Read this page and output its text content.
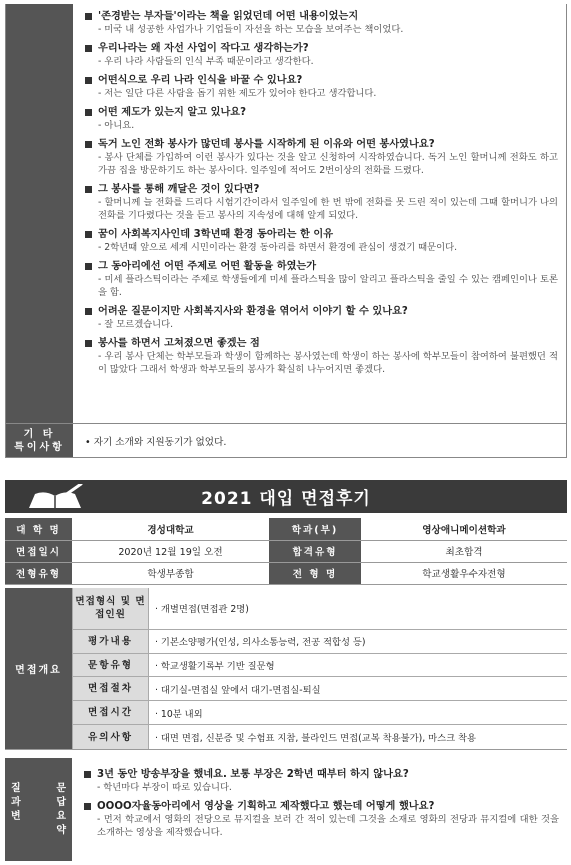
'존경받는 부자들'이라는 책을 읽었던데 어떤 내용이었는지
- 미국 내 성공한 사업가나 기업들이 자선을 하는 모습을 보여주는 책이었다.
우리나라는 왜 자선 사업이 작다고 생각하는가?
- 우리 나라 사람들의 인식 부족 때문이라고 생각한다.
어떤식으로 우리 나라 인식을 바꿀 수 있나요?
- 저는 일단 다른 사람을 돕기 위한 제도가 있어야 한다고 생각합니다.
어떤 제도가 있는지 알고 있나요?
- 아니요.
독거 노인 전화 봉사가 많던데 봉사를 시작하게 된 이유와 어떤 봉사였나요?
- 봉사 단체를 가입하여 이런 봉사가 있다는 것을 알고 신청하여 시작하였습니다. 독거 노인 할머니께 전화도 하고 가끔 집을 방문하기도 하는 봉사이다. 일주일에 적어도 2번이상의 전화를 드렸다.
그 봉사를 통해 깨달은 것이 있다면?
- 할머니께 늘 전화를 드리다 시험기간이라서 일주일에 한 번 밖에 전화를 못 드린 적이 있는데 그때 할머니가 나의 전화를 기다렸다는 것을 듣고 봉사의 지속성에 대해 알게 되었다.
꿈이 사회복지사인데 3학년때 환경 동아리는 한 이유
- 2학년때 앞으로 세계 시민이라는 환경 동아리를 하면서 환경에 관심이 생겼기 때문이다.
그 동아리에선 어떤 주제로 어떤 활동을 하였는가
- 미세 플라스틱이라는 주제로 학생들에게 미세 플라스틱을 많이 알리고 플라스틱을 줄일 수 있는 캠페인이나 토론을 함.
어려운 질문이지만 사회복지사와 환경을 엮어서 이야기 할 수 있나요?
- 잘 모르겠습니다.
봉사를 하면서 고쳐졌으면 좋겠는 점
- 우리 봉사 단체는 학부모들과 학생이 함께하는 봉사였는데 학생이 하는 봉사에 학부모들이 참여하여 불편했던 적이 많았다 그래서 학생과 학부모들의 봉사가 확실히 나누어지면 좋겠다.
기 타
특이사항	• 자기 소개와 지원동기가 없었다.
2021 대입 면접후기
대 학 명	경성대학교	학과(부)	영상애니메이션학과
면접일시	2020년 12월 19일 오전	합격유형	최초합격
전형유형	학생부종합	전 형 명	학교생활우수자전형
면접개요
면접형식 및 면접인원	· 개별면접(면접관 2명)
평가내용	· 기본소양평가(인성, 의사소통능력, 전공 적합성 등)
문항유형	· 학교생활기록부 기반 질문형
면접절차	· 대기실-면접실 앞에서 대기-면접실-퇴실
면접시간	· 10분 내외
유의사항	· 대면 면접, 신분증 및 수험표 지참, 블라인드 면접(교복 착용불가), 마스크 착용
질	문
과	답
변	요
약
3년 동안 방송부장을 했네요. 보통 부장은 2학년 때부터 하지 않나요?
- 학년마다 부장이 따로 있습니다.
OOOO자율동아리에서 영상을 기획하고 제작했다고 했는데 어떻게 했나요?
- 먼저 학교에서 영화의 전당으로 뮤지컬을 보러 간 적이 있는데 그것을 소재로 영화의 전당과 뮤지컬에 대한 것을 소개하는 영상을 제작했습니다.
